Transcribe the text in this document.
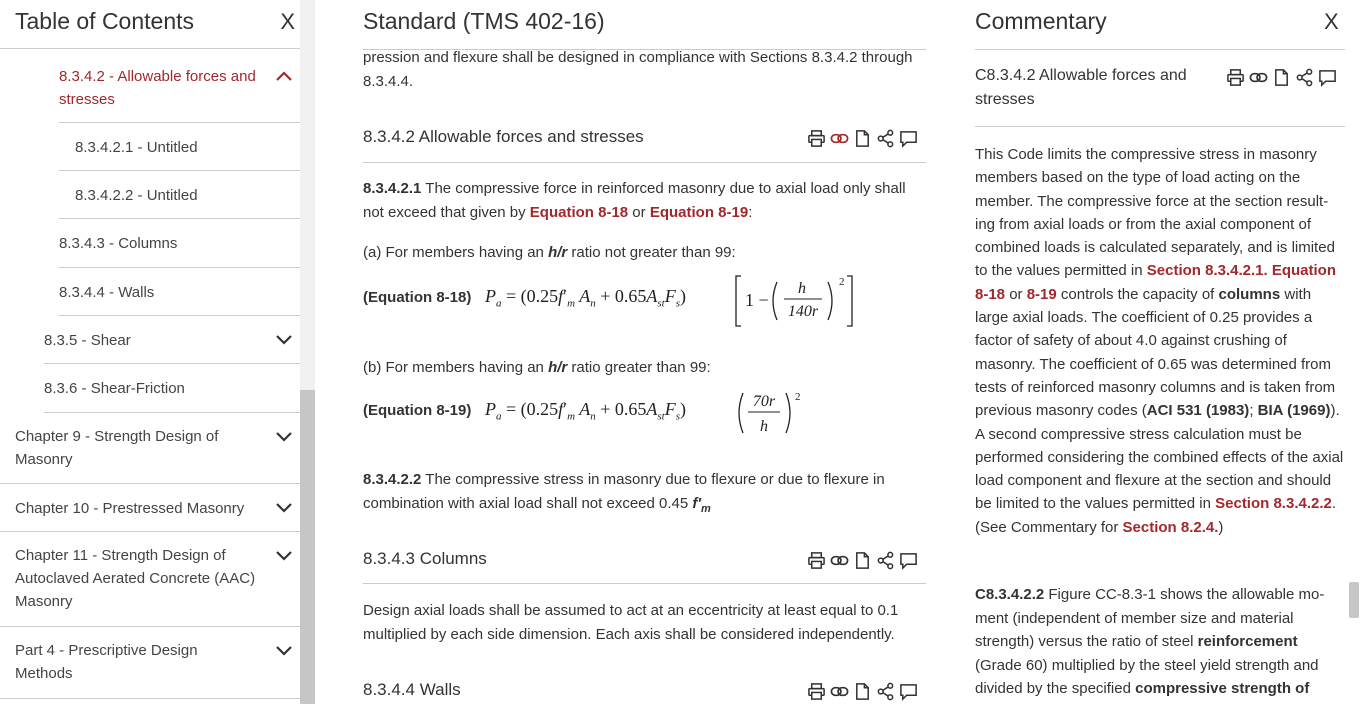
Table of Contents	X
8.3.4.2 - Allowable forces and stresses
8.3.4.2.1 - Untitled
8.3.4.2.2 - Untitled
8.3.4.3 - Columns
8.3.4.4 - Walls
8.3.5 - Shear
8.3.6 - Shear-Friction
Chapter 9 - Strength Design of Masonry
Chapter 10 - Prestressed Masonry
Chapter 11 - Strength Design of Autoclaved Aerated Concrete (AAC) Masonry
Part 4 - Prescriptive Design Methods
Standard (TMS 402-16)
pression and flexure shall be designed in compliance with Sections 8.3.4.2 through 8.3.4.4.
8.3.4.2 Allowable forces and stresses
8.3.4.2.1 The compressive force in reinforced masonry due to axial load only shall not exceed that given by Equation 8-18 or Equation 8-19:
(a) For members having an h/r ratio not greater than 99:
(Equation 8-18) $P_a = (0.25f'_m$ $A_n + 0.65A_{st}F_s$)	1 −
h
140r
2
(b) For members having an h/r ratio greater than 99:
(Equation 8-19) $P_a = (0.25f'_m$ $A_n + 0.65A_{st}F_s$)	70r
h
2
8.3.4.2.2 The compressive stress in masonry due to flexure or due to flexure in combination with axial load shall not exceed 0.45 $f'_m$
8.3.4.3 Columns
Design axial loads shall be assumed to act at an eccentricity at least equal to 0.1 multiplied by each side dimension. Each axis shall be considered independently.
8.3.4.4 Walls
Commentary	X
C8.3.4.2 Allowable forces and stresses
This Code limits the compressive stress in masonry members based on the type of load acting on the member. The compressive force at the section result-ing from axial loads or from the axial component of combined loads is calculated separately, and is limited to the values permitted in Section 8.3.4.2.1. Equation 8-18 or 8-19 controls the capacity of columns with large axial loads. The coefficient of 0.25 provides a factor of safety of about 4.0 against crushing of masonry. The coefficient of 0.65 was determined from tests of reinforced masonry columns and is taken from previous masonry codes (ACI 531 (1983); BIA (1969)). A second compressive stress calculation must be performed considering the combined effects of the axial load component and flexure at the section and should be limited to the values permitted in Section 8.3.4.2.2. (See Commentary for Section 8.2.4.)
C8.3.4.2.2 Figure CC-8.3-1 shows the allowable mo-ment (independent of member size and material strength) versus the ratio of steel reinforcement (Grade 60) multiplied by the steel yield strength and divided by the specified compressive strength of
